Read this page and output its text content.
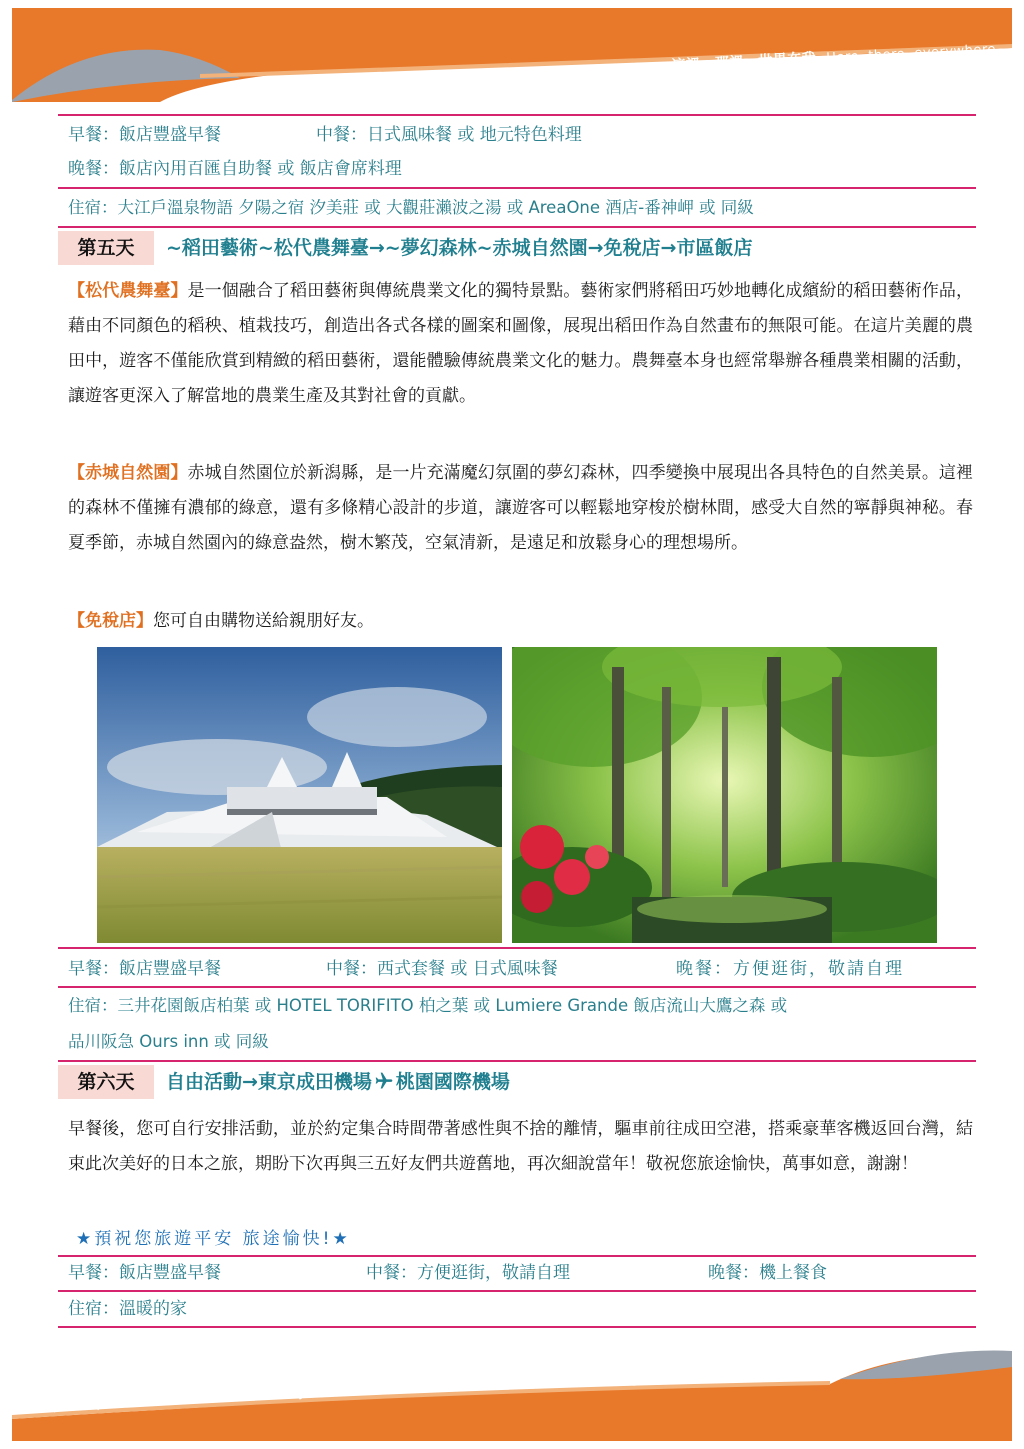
這裡，那裡，世界在我 Here, there, everywhere
早餐：飯店豐盛早餐	中餐：日式風味餐 或 地元特色料理
晚餐：飯店內用百匯自助餐 或 飯店會席料理
住宿：大江戶溫泉物語 夕陽之宿 汐美莊 或 大觀莊瀨波之湯 或 AreaOne 酒店-番神岬 或 同級
第五天	~稻田藝術~松代農舞臺→~夢幻森林~赤城自然園→免稅店→市區飯店
【松代農舞臺】是一個融合了稻田藝術與傳統農業文化的獨特景點。藝術家們將稻田巧妙地轉化成繽紛的稻田藝術作品，藉由不同顏色的稻秧、植栽技巧，創造出各式各樣的圖案和圖像，展現出稻田作為自然畫布的無限可能。在這片美麗的農田中，遊客不僅能欣賞到精緻的稻田藝術，還能體驗傳統農業文化的魅力。農舞臺本身也經常舉辦各種農業相關的活動，讓遊客更深入了解當地的農業生產及其對社會的貢獻。
【赤城自然園】赤城自然園位於新潟縣，是一片充滿魔幻氛圍的夢幻森林，四季變換中展現出各具特色的自然美景。這裡的森林不僅擁有濃郁的綠意，還有多條精心設計的步道，讓遊客可以輕鬆地穿梭於樹林間，感受大自然的寧靜與神秘。春夏季節，赤城自然園內的綠意盎然，樹木繁茂，空氣清新，是遠足和放鬆身心的理想場所。
【免稅店】您可自由購物送給親朋好友。
早餐：飯店豐盛早餐	中餐：西式套餐 或 日式風味餐	晚餐：方便逛街，敬請自理
住宿：三井花園飯店柏葉 或 HOTEL TORIFITO 柏之葉 或 Lumiere Grande 飯店流山大鷹之森 或
品川阪急 Ours inn 或 同級
第六天	自由活動→東京成田機場 桃園國際機場
早餐後，您可自行安排活動，並於約定集合時間帶著感性與不捨的離情，驅車前往成田空港，搭乘豪華客機返回台灣，結束此次美好的日本之旅，期盼下次再與三五好友們共遊舊地，再次細說當年！敬祝您旅途愉快，萬事如意，謝謝！
★預祝您旅遊平安 旅途愉快!★
早餐：飯店豐盛早餐	中餐：方便逛街，敬請自理	晚餐：機上餐食
住宿：溫暖的家
這裡，那裡，世界在我 Here, there, everywhere
